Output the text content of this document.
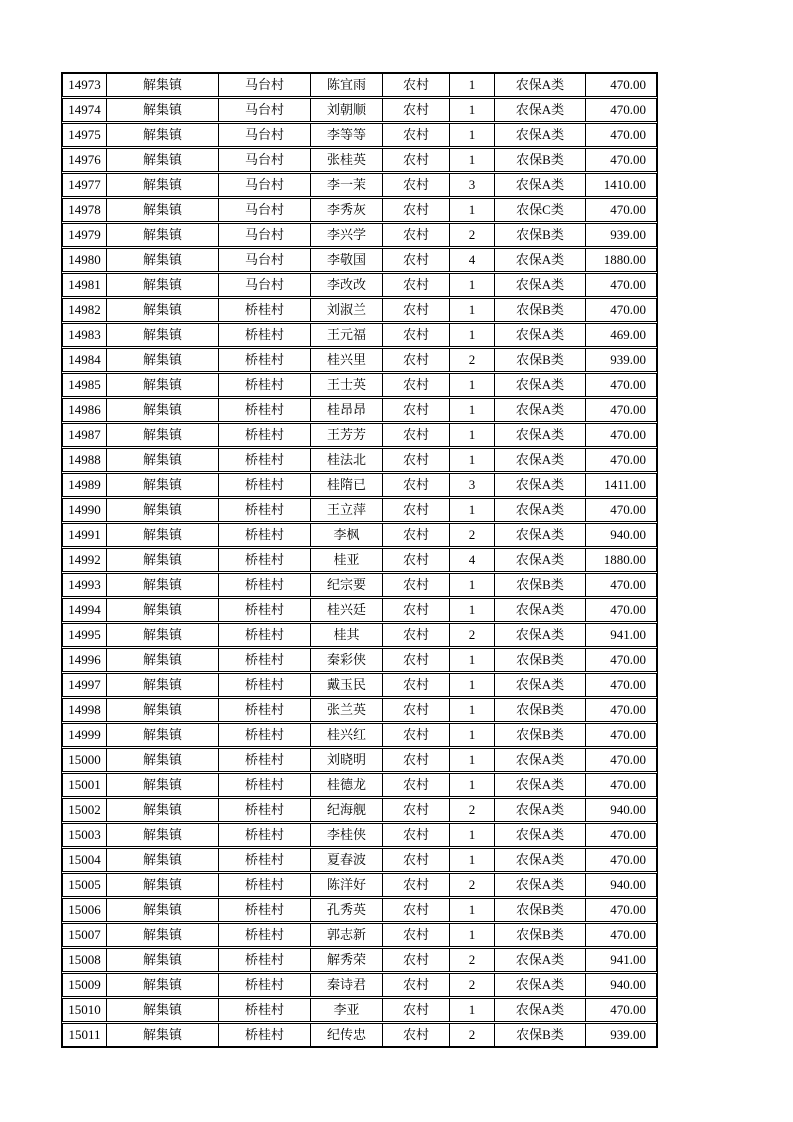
14973	解集镇	马台村	陈宜雨	农村	1	农保A类	470.00
14974	解集镇	马台村	刘朝顺	农村	1	农保A类	470.00
14975	解集镇	马台村	李等等	农村	1	农保A类	470.00
14976	解集镇	马台村	张桂英	农村	1	农保B类	470.00
14977	解集镇	马台村	李一茉	农村	3	农保A类	1410.00
14978	解集镇	马台村	李秀灰	农村	1	农保C类	470.00
14979	解集镇	马台村	李兴学	农村	2	农保B类	939.00
14980	解集镇	马台村	李敬国	农村	4	农保A类	1880.00
14981	解集镇	马台村	李改改	农村	1	农保A类	470.00
14982	解集镇	桥桂村	刘淑兰	农村	1	农保B类	470.00
14983	解集镇	桥桂村	王元福	农村	1	农保A类	469.00
14984	解集镇	桥桂村	桂兴里	农村	2	农保B类	939.00
14985	解集镇	桥桂村	王士英	农村	1	农保A类	470.00
14986	解集镇	桥桂村	桂昂昂	农村	1	农保A类	470.00
14987	解集镇	桥桂村	王芳芳	农村	1	农保A类	470.00
14988	解集镇	桥桂村	桂法北	农村	1	农保A类	470.00
14989	解集镇	桥桂村	桂隋已	农村	3	农保A类	1411.00
14990	解集镇	桥桂村	王立萍	农村	1	农保A类	470.00
14991	解集镇	桥桂村	李枫	农村	2	农保A类	940.00
14992	解集镇	桥桂村	桂亚	农村	4	农保A类	1880.00
14993	解集镇	桥桂村	纪宗要	农村	1	农保B类	470.00
14994	解集镇	桥桂村	桂兴廷	农村	1	农保A类	470.00
14995	解集镇	桥桂村	桂其	农村	2	农保A类	941.00
14996	解集镇	桥桂村	秦彩侠	农村	1	农保B类	470.00
14997	解集镇	桥桂村	戴玉民	农村	1	农保A类	470.00
14998	解集镇	桥桂村	张兰英	农村	1	农保B类	470.00
14999	解集镇	桥桂村	桂兴红	农村	1	农保B类	470.00
15000	解集镇	桥桂村	刘晓明	农村	1	农保A类	470.00
15001	解集镇	桥桂村	桂德龙	农村	1	农保A类	470.00
15002	解集镇	桥桂村	纪海舰	农村	2	农保A类	940.00
15003	解集镇	桥桂村	李桂侠	农村	1	农保A类	470.00
15004	解集镇	桥桂村	夏春波	农村	1	农保A类	470.00
15005	解集镇	桥桂村	陈洋好	农村	2	农保A类	940.00
15006	解集镇	桥桂村	孔秀英	农村	1	农保B类	470.00
15007	解集镇	桥桂村	郭志新	农村	1	农保B类	470.00
15008	解集镇	桥桂村	解秀荣	农村	2	农保A类	941.00
15009	解集镇	桥桂村	秦诗君	农村	2	农保A类	940.00
15010	解集镇	桥桂村	李亚	农村	1	农保A类	470.00
15011	解集镇	桥桂村	纪传忠	农村	2	农保B类	939.00
